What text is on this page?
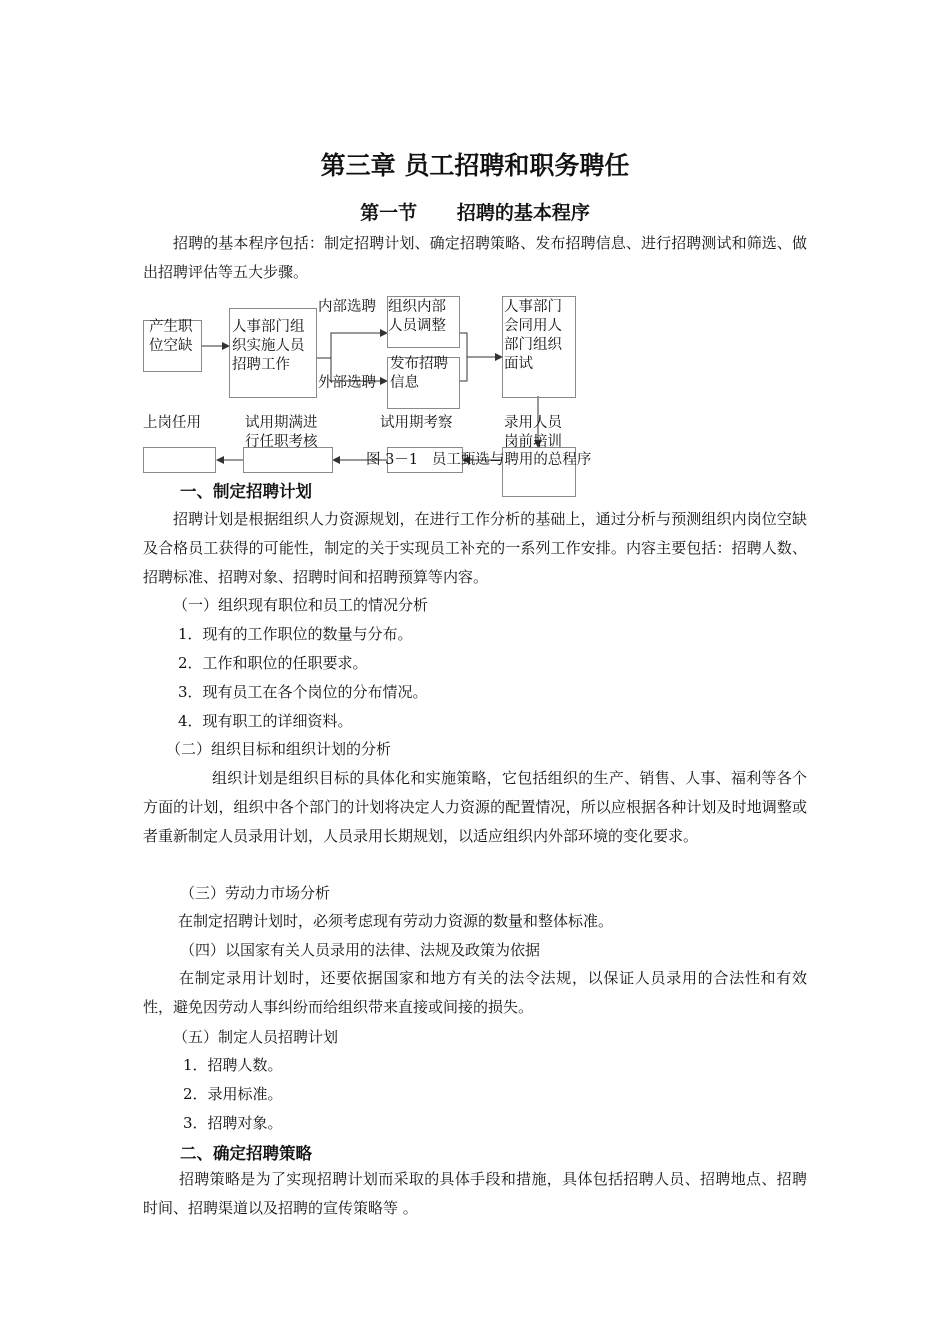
第三章 员工招聘和职务聘任
第一节      招聘的基本程序
招聘的基本程序包括：制定招聘计划、确定招聘策略、发布招聘信息、进行招聘测试和筛选、做出招聘评估等五大步骤。
产生职
位空缺
人事部门组
织实施人员
招聘工作
内部选聘 组织内部
人员调整
外部选聘
发布招聘
信息
人事部门
会同用人
部门组织
面试
上岗任用	试用期满进
行任职考核
试用期考察	录用人员
岗前培训
图 3－1   员工甄选与聘用的总程序
一、制定招聘计划
招聘计划是根据组织人力资源规划，在进行工作分析的基础上，通过分析与预测组织内岗位空缺及合格员工获得的可能性，制定的关于实现员工补充的一系列工作安排。内容主要包括：招聘人数、招聘标准、招聘对象、招聘时间和招聘预算等内容。
（一）组织现有职位和员工的情况分析
1．现有的工作职位的数量与分布。
2．工作和职位的任职要求。
3．现有员工在各个岗位的分布情况。
4．现有职工的详细资料。
（二）组织目标和组织计划的分析
组织计划是组织目标的具体化和实施策略，它包括组织的生产、销售、人事、福利等各个方面的计划，组织中各个部门的计划将决定人力资源的配置情况，所以应根据各种计划及时地调整或者重新制定人员录用计划，人员录用长期规划，以适应组织内外部环境的变化要求。
（三）劳动力市场分析
在制定招聘计划时，必须考虑现有劳动力资源的数量和整体标准。
（四）以国家有关人员录用的法律、法规及政策为依据
在制定录用计划时，还要依据国家和地方有关的法令法规，以保证人员录用的合法性和有效性，避免因劳动人事纠纷而给组织带来直接或间接的损失。
（五）制定人员招聘计划
1．招聘人数。
2．录用标准。
3．招聘对象。
二、确定招聘策略
招聘策略是为了实现招聘计划而采取的具体手段和措施，具体包括招聘人员、招聘地点、招聘时间、招聘渠道以及招聘的宣传策略等 。
